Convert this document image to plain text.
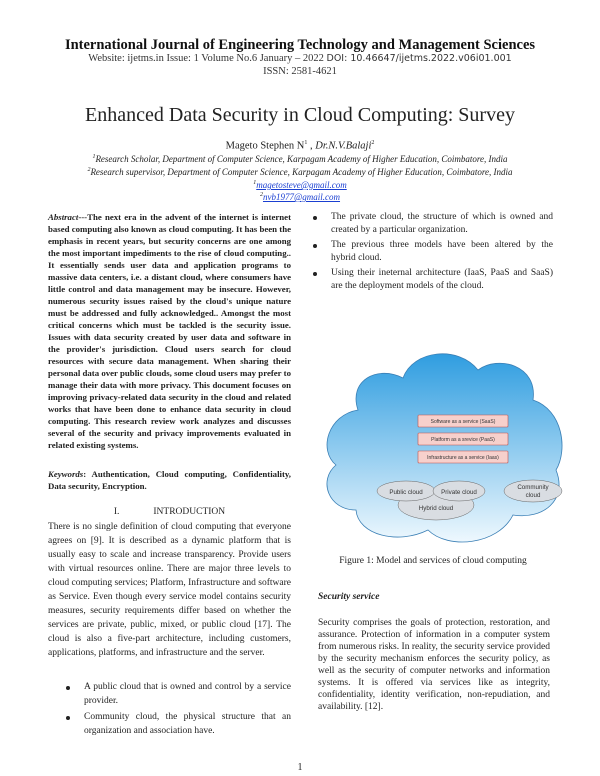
International Journal of Engineering Technology and Management Sciences
Website: ijetms.in Issue: 1 Volume No.6 January – 2022 DOI: 10.46647/ijetms.2022.v06i01.001
ISSN: 2581-4621
Enhanced Data Security in Cloud Computing: Survey
Mageto Stephen $N^1$ , Dr.N.V.Balaji$^2$
$^1$Research Scholar, Department of Computer Science, Karpagam Academy of Higher Education, Coimbatore, India
$^2$Research supervisor, Department of Computer Science, Karpagam Academy of Higher Education, Coimbatore, India
$^1$magetosteve@gmail.com
$^2$nvb1977@gmail.com
Abstract---The next era in the advent of the internet is internet based computing also known as cloud computing. It has been the emphasis in recent years, but security concerns are one among the most important impediments to the rise of cloud computing.. It essentially sends user data and application programs to massive data centers, i.e. a distant cloud, where consumers have little control and data management may be insecure. However, numerous security issues raised by the cloud's unique nature must be addressed and fully acknowledged.. Amongst the most critical concerns which must be tackled is the security issue. Issues with data security created by user data and software in the provider's jurisdiction. Cloud users search for cloud resources with secure data management. When sharing their personal data over public clouds, some cloud users may prefer to manage their data with more privacy. This document focuses on improving privacy-related data security in the cloud and related works that have been done to enhance data security in cloud computing. This research review work analyzes and discusses several of the security and privacy improvements evaluated in related existing systems.
Keywords: Authentication, Cloud computing, Confidentiality, Data security, Encryption.
I.	INTRODUCTION
There is no single definition of cloud computing that everyone agrees on [9]. It is described as a dynamic platform that is usually easy to scale and increase transparency. Provide users with virtual resources online. There are major three levels to cloud computing services; Platform, Infrastructure and software as Service. Even though every service model contains security measures, security requirements differ based on whether the services are private, public, mixed, or public cloud [17]. The cloud is also a five-part architecture, including customers, applications, platforms, and infrastructure and the server.
A public cloud that is owned and control by a service provider.
Community cloud, the physical structure that an organization and association have.
The private cloud, the structure of which is owned and created by a particular organization.
The previous three models have been altered by the hybrid cloud.
Using their ineternal architecture (IaaS, PaaS and SaaS) are the deployment models of the cloud.
Software as a service (SaaS)
Platform as a srevice (PaaS)
Infrastructure as a service (Iaas)
Public cloud	Private cloud
Hybrid cloud
Community
cloud
Figure 1: Model and services of cloud computing
Security service
Security comprises the goals of protection, restoration, and assurance. Protection of information in a computer system from numerous risks. In reality, the security service provided by the security mechanism enforces the security policy, as well as the security of computer networks and information systems. It is offered via services like as integrity, confidentiality, identity verification, non-repudiation, and availability. [12].
1
